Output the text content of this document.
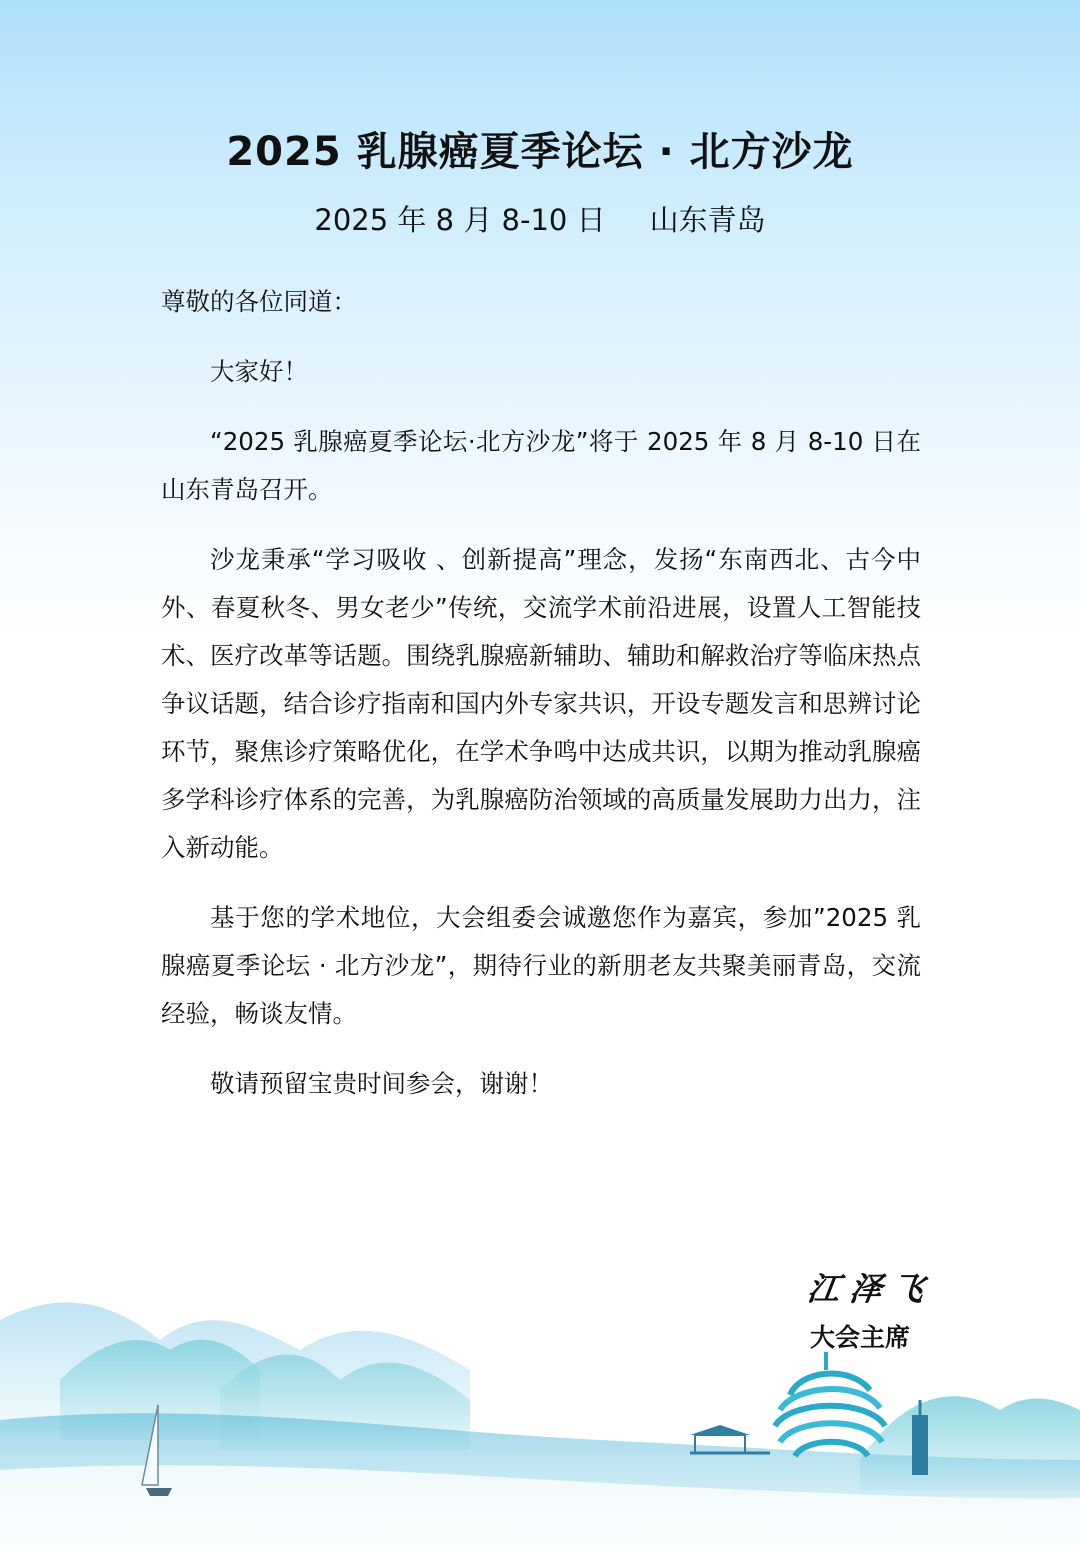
2025 乳腺癌夏季论坛 · 北方沙龙
2025 年 8 月 8-10 日 山东青岛

尊敬的各位同道：

大家好！

“2025 乳腺癌夏季论坛·北方沙龙”将于 2025 年 8 月 8-10 日在山东青岛召开。

沙龙秉承“学习吸收 、创新提高”理念，发扬“东南西北、古今中外、春夏秋冬、男女老少”传统，交流学术前沿进展，设置人工智能技术、医疗改革等话题。围绕乳腺癌新辅助、辅助和解救治疗等临床热点争议话题，结合诊疗指南和国内外专家共识，开设专题发言和思辨讨论环节，聚焦诊疗策略优化，在学术争鸣中达成共识，以期为推动乳腺癌多学科诊疗体系的完善，为乳腺癌防治领域的高质量发展助力出力，注入新动能。

基于您的学术地位，大会组委会诚邀您作为嘉宾，参加”2025 乳腺癌夏季论坛 · 北方沙龙”，期待行业的新朋老友共聚美丽青岛，交流经验，畅谈友情。

敬请预留宝贵时间参会，谢谢！

江泽飞
大会主席
